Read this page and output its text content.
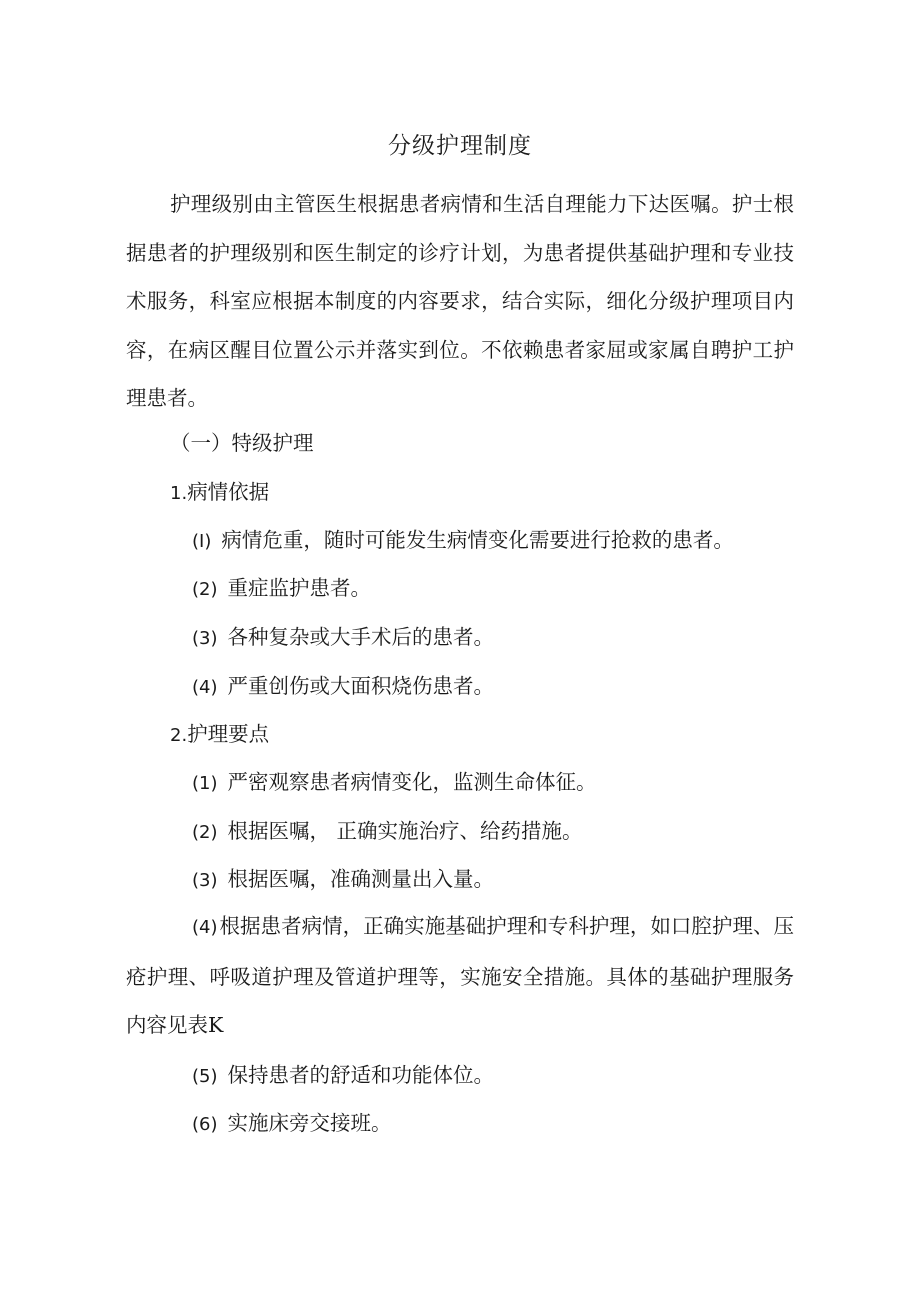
分级护理制度
护理级别由主管医生根据患者病情和生活自理能力下达医嘱。护士根据患者的护理级别和医生制定的诊疗计划，为患者提供基础护理和专业技术服务，科室应根据本制度的内容要求，结合实际，细化分级护理项目内容，在病区醒目位置公示并落实到位。不依赖患者家屈或家属自聘护工护理患者。
（一）特级护理
1.病情依据
(I) 病情危重，随时可能发生病情变化需要进行抢救的患者。
(2) 重症监护患者。
(3) 各种复杂或大手术后的患者。
(4) 严重创伤或大面积烧伤患者。
2.护理要点
(1) 严密观察患者病情变化，监测生命体征。
(2) 根据医嘱， 正确实施治疗、给药措施。
(3) 根据医嘱，准确测量出入量。
(4)根据患者病情，正确实施基础护理和专科护理，如口腔护理、压疮护理、呼吸道护理及管道护理等，实施安全措施。具体的基础护理服务内容见表K
(5) 保持患者的舒适和功能体位。
(6) 实施床旁交接班。
